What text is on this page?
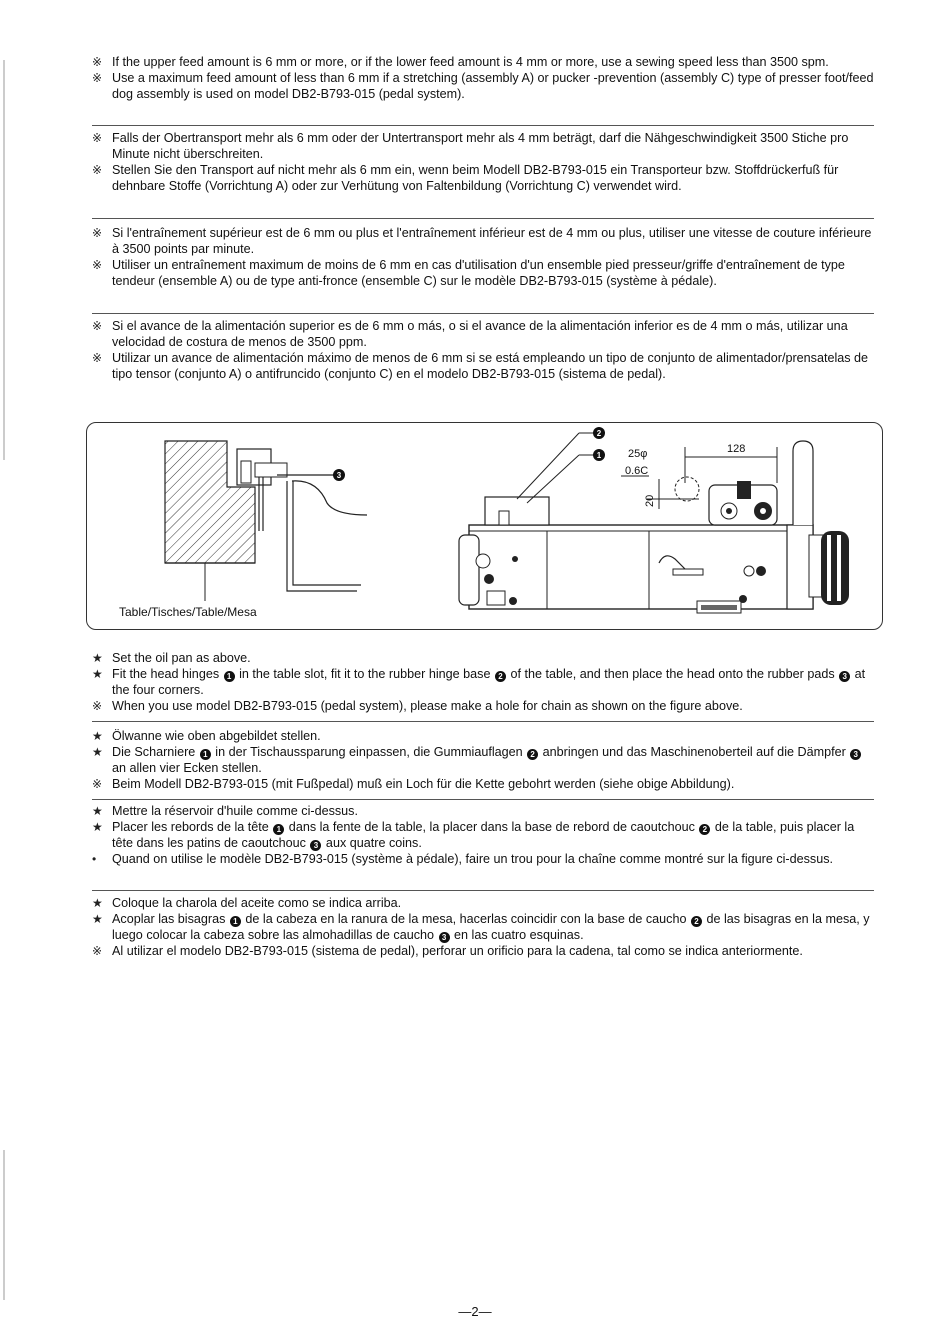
※ If the upper feed amount is 6 mm or more, or if the lower feed amount is 4 mm or more, use a sewing speed less than 3500 spm.
※ Use a maximum feed amount of less than 6 mm if a stretching (assembly A) or pucker -prevention (assembly C) type of presser foot/feed dog assembly is used on model DB2-B793-015 (pedal system).
※ Falls der Obertransport mehr als 6 mm oder der Untertransport mehr als 4 mm beträgt, darf die Nähgeschwindigkeit 3500 Stiche pro Minute nicht überschreiten.
※ Stellen Sie den Transport auf nicht mehr als 6 mm ein, wenn beim Modell DB2-B793-015 ein Transporteur bzw. Stoffdrückerfuß für dehnbare Stoffe (Vorrichtung A) oder zur Verhütung von Faltenbildung (Vorrichtung C) verwendet wird.
※ Si l'entraînement supérieur est de 6 mm ou plus et l'entraînement inférieur est de 4 mm ou plus, utiliser une vitesse de couture inférieure à 3500 points par minute.
※ Utiliser un entraînement maximum de moins de 6 mm en cas d'utilisation d'un ensemble pied presseur/griffe d'entraînement de type tendeur (ensemble A) ou de type anti-fronce (ensemble C) sur le modèle DB2-B793-015 (système à pédale).
※ Si el avance de la alimentación superior es de 6 mm o más, o si el avance de la alimentación inferior es de 4 mm o más, utilizar una velocidad de costura de menos de 3500 ppm.
※ Utilizar un avance de alimentación máximo de menos de 6 mm si se está empleando un tipo de conjunto de alimentador/prensatelas de tipo tensor (conjunto A) o antifruncido (conjunto C) en el modelo DB2-B793-015 (sistema de pedal).
3
128
25φ
0.6C
20
2
1
Table/Tisches/Table/Mesa
★ Set the oil pan as above.
★ Fit the head hinges 1 in the table slot, fit it to the rubber hinge base 2 of the table, and then place the head onto the rubber pads 3 at the four corners.
※ When you use model DB2-B793-015 (pedal system), please make a hole for chain as shown on the figure above.
★ Ölwanne wie oben abgebildet stellen.
★ Die Scharniere 1 in der Tischaussparung einpassen, die Gummiauflagen 2 anbringen und das Maschinenoberteil auf die Dämpfer 3 an allen vier Ecken stellen.
※ Beim Modell DB2-B793-015 (mit Fußpedal) muß ein Loch für die Kette gebohrt werden (siehe obige Abbildung).
★ Mettre la réservoir d'huile comme ci-dessus.
★ Placer les rebords de la tête 1 dans la fente de la table, la placer dans la base de rebord de caoutchouc 2 de la table, puis placer la tête dans les patins de caoutchouc 3 aux quatre coins.
•	Quand on utilise le modèle DB2-B793-015 (système à pédale), faire un trou pour la chaîne comme montré sur la figure ci-dessus.
★ Coloque la charola del aceite como se indica arriba.
★ Acoplar las bisagras 1 de la cabeza en la ranura de la mesa, hacerlas coincidir con la base de caucho 2 de las bisagras en la mesa, y luego colocar la cabeza sobre las almohadillas de caucho 3 en las cuatro esquinas.
※ Al utilizar el modelo DB2-B793-015 (sistema de pedal), perforar un orificio para la cadena, tal como se indica anteriormente.
—2—
